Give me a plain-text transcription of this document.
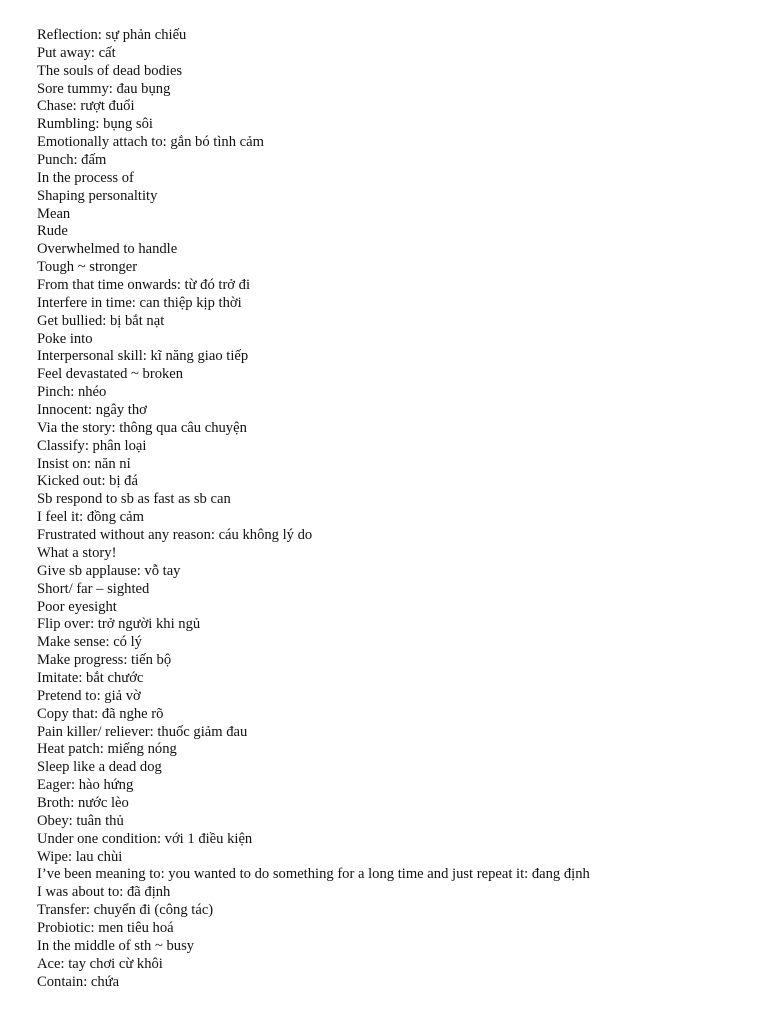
Reflection: sự phản chiếu
Put away: cất
The souls of dead bodies
Sore tummy: đau bụng
Chase: rượt đuổi
Rumbling: bụng sôi
Emotionally attach to: gắn bó tình cảm
Punch: đấm
In the process of
Shaping personaltity
Mean
Rude
Overwhelmed to handle
Tough ~ stronger
From that time onwards: từ đó trở đi
Interfere in time: can thiệp kịp thời
Get bullied: bị bắt nạt
Poke into
Interpersonal skill: kĩ năng giao tiếp
Feel devastated ~ broken
Pinch: nhéo
Innocent: ngây thơ
Via the story: thông qua câu chuyện
Classify: phân loại
Insist on: năn nỉ
Kicked out: bị đá
Sb respond to sb as fast as sb can
I feel it: đồng cảm
Frustrated without any reason: cáu không lý do
What a story!
Give sb applause: vỗ tay
Short/ far – sighted
Poor eyesight
Flip over: trở người khi ngủ
Make sense: có lý
Make progress: tiến bộ
Imitate: bắt chước
Pretend to: giả vờ
Copy that: đã nghe rõ
Pain killer/ reliever: thuốc giảm đau
Heat patch: miếng nóng
Sleep like a dead dog
Eager: hào hứng
Broth: nước lèo
Obey: tuân thủ
Under one condition: với 1 điều kiện
Wipe: lau chùi
I’ve been meaning to: you wanted to do something for a long time and just repeat it: đang định
I was about to: đã định
Transfer: chuyển đi (công tác)
Probiotic: men tiêu hoá
In the middle of sth ~ busy
Ace: tay chơi cừ khôi
Contain: chứa
